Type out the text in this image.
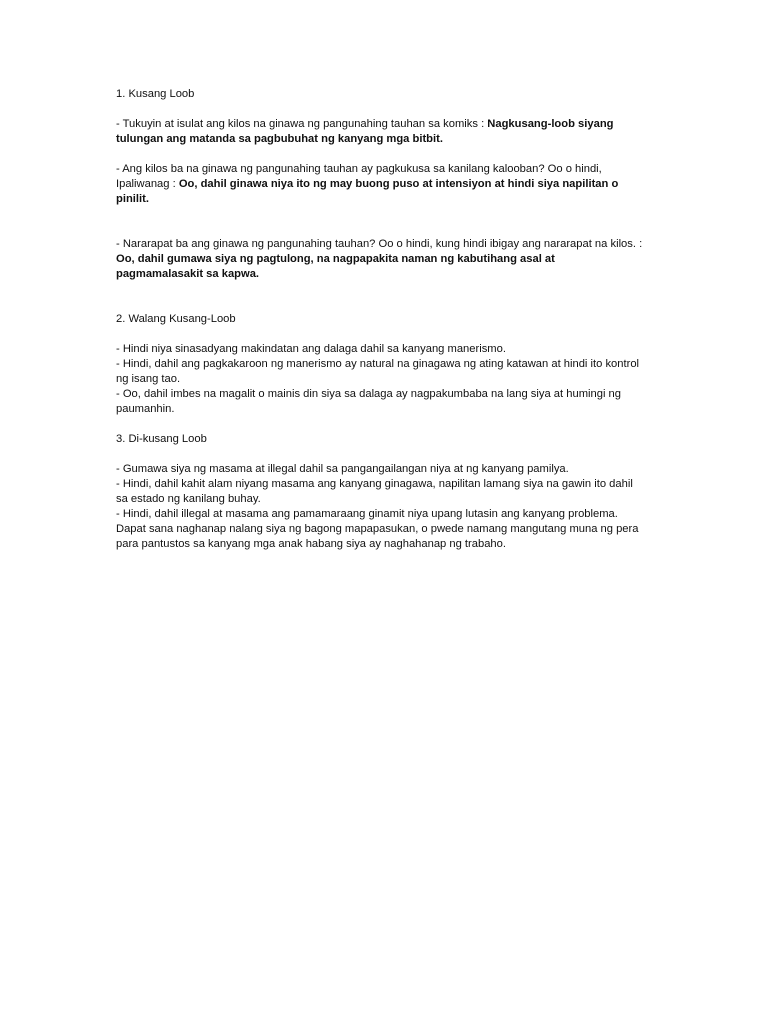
1. Kusang Loob

- Tukuyin at isulat ang kilos na ginawa ng pangunahing tauhan sa komiks : Nagkusang-loob siyang tulungan ang matanda sa pagbubuhat ng kanyang mga bitbit.

- Ang kilos ba na ginawa ng pangunahing tauhan ay pagkukusa sa kanilang kalooban? Oo o hindi, Ipaliwanag : Oo, dahil ginawa niya ito ng may buong puso at intensiyon at hindi siya napilitan o pinilit.

- Nararapat ba ang ginawa ng pangunahing tauhan? Oo o hindi, kung hindi ibigay ang nararapat na kilos. : Oo, dahil gumawa siya ng pagtulong, na nagpapakita naman ng kabutihang asal at pagmamalasakit sa kapwa.

2. Walang Kusang-Loob

- Hindi niya sinasadyang makindatan ang dalaga dahil sa kanyang manerismo.

- Hindi, dahil ang pagkakaroon ng manerismo ay natural na ginagawa ng ating katawan at hindi ito kontrol ng isang tao.

- Oo, dahil imbes na magalit o mainis din siya sa dalaga ay nagpakumbaba na lang siya at humingi ng paumanhin.

3. Di-kusang Loob

- Gumawa siya ng masama at illegal dahil sa pangangailangan niya at ng kanyang pamilya.

- Hindi, dahil kahit alam niyang masama ang kanyang ginagawa, napilitan lamang siya na gawin ito dahil sa estado ng kanilang buhay.

- Hindi, dahil illegal at masama ang pamamaraang ginamit niya upang lutasin ang kanyang problema. Dapat sana naghanap nalang siya ng bagong mapapasukan, o pwede namang mangutang muna ng pera para pantustos sa kanyang mga anak habang siya ay naghahanap ng trabaho.
